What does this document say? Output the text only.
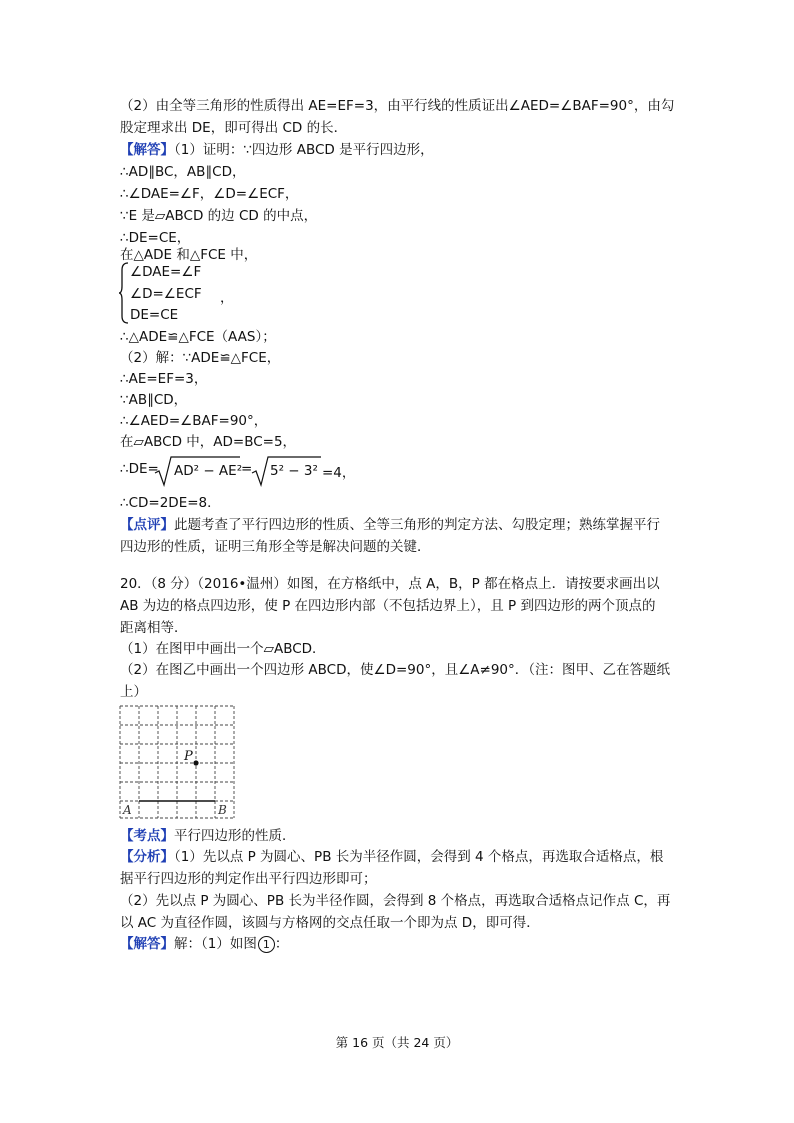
（2）由全等三角形的性质得出 AE=EF=3，由平行线的性质证出∠AED=∠BAF=90°，由勾
股定理求出 DE，即可得出 CD 的长．
【解答】（1）证明：∵四边形 ABCD 是平行四边形，
∴AD∥BC，AB∥CD，
∴∠DAE=∠F，∠D=∠ECF，
∵E 是▱ABCD 的边 CD 的中点，
∴DE=CE，
在△ADE 和△FCE 中，
∠DAE=∠F
∠D=∠ECF ，
DE=CE
∴△ADE≌△FCE（AAS）；
（2）解：∵ADE≌△FCE，
∴AE=EF=3，
∵AB∥CD，
∴∠AED=∠BAF=90°，
在▱ABCD 中，AD=BC=5，
∴DE= AD² − AE²
= 5² − 3² =4，
∴CD=2DE=8．
【点评】此题考查了平行四边形的性质、全等三角形的判定方法、勾股定理；熟练掌握平行
四边形的性质，证明三角形全等是解决问题的关键．
20．（8 分）（2016•温州）如图，在方格纸中，点 A，B，P 都在格点上．请按要求画出以
AB 为边的格点四边形，使 P 在四边形内部（不包括边界上），且 P 到四边形的两个顶点的
距离相等．
（1）在图甲中画出一个▱ABCD．
（2）在图乙中画出一个四边形 ABCD，使∠D=90°，且∠A≠90°．（注：图甲、乙在答题纸
上）
P
A	B
【考点】平行四边形的性质．
【分析】（1）先以点 P 为圆心、PB 长为半径作圆，会得到 4 个格点，再选取合适格点，根
据平行四边形的判定作出平行四边形即可；
（2）先以点 P 为圆心、PB 长为半径作圆，会得到 8 个格点，再选取合适格点记作点 C，再
以 AC 为直径作圆，该圆与方格网的交点任取一个即为点 D，即可得．
【解答】解：（1）如图 1 ：
第 16 页（共 24 页）
